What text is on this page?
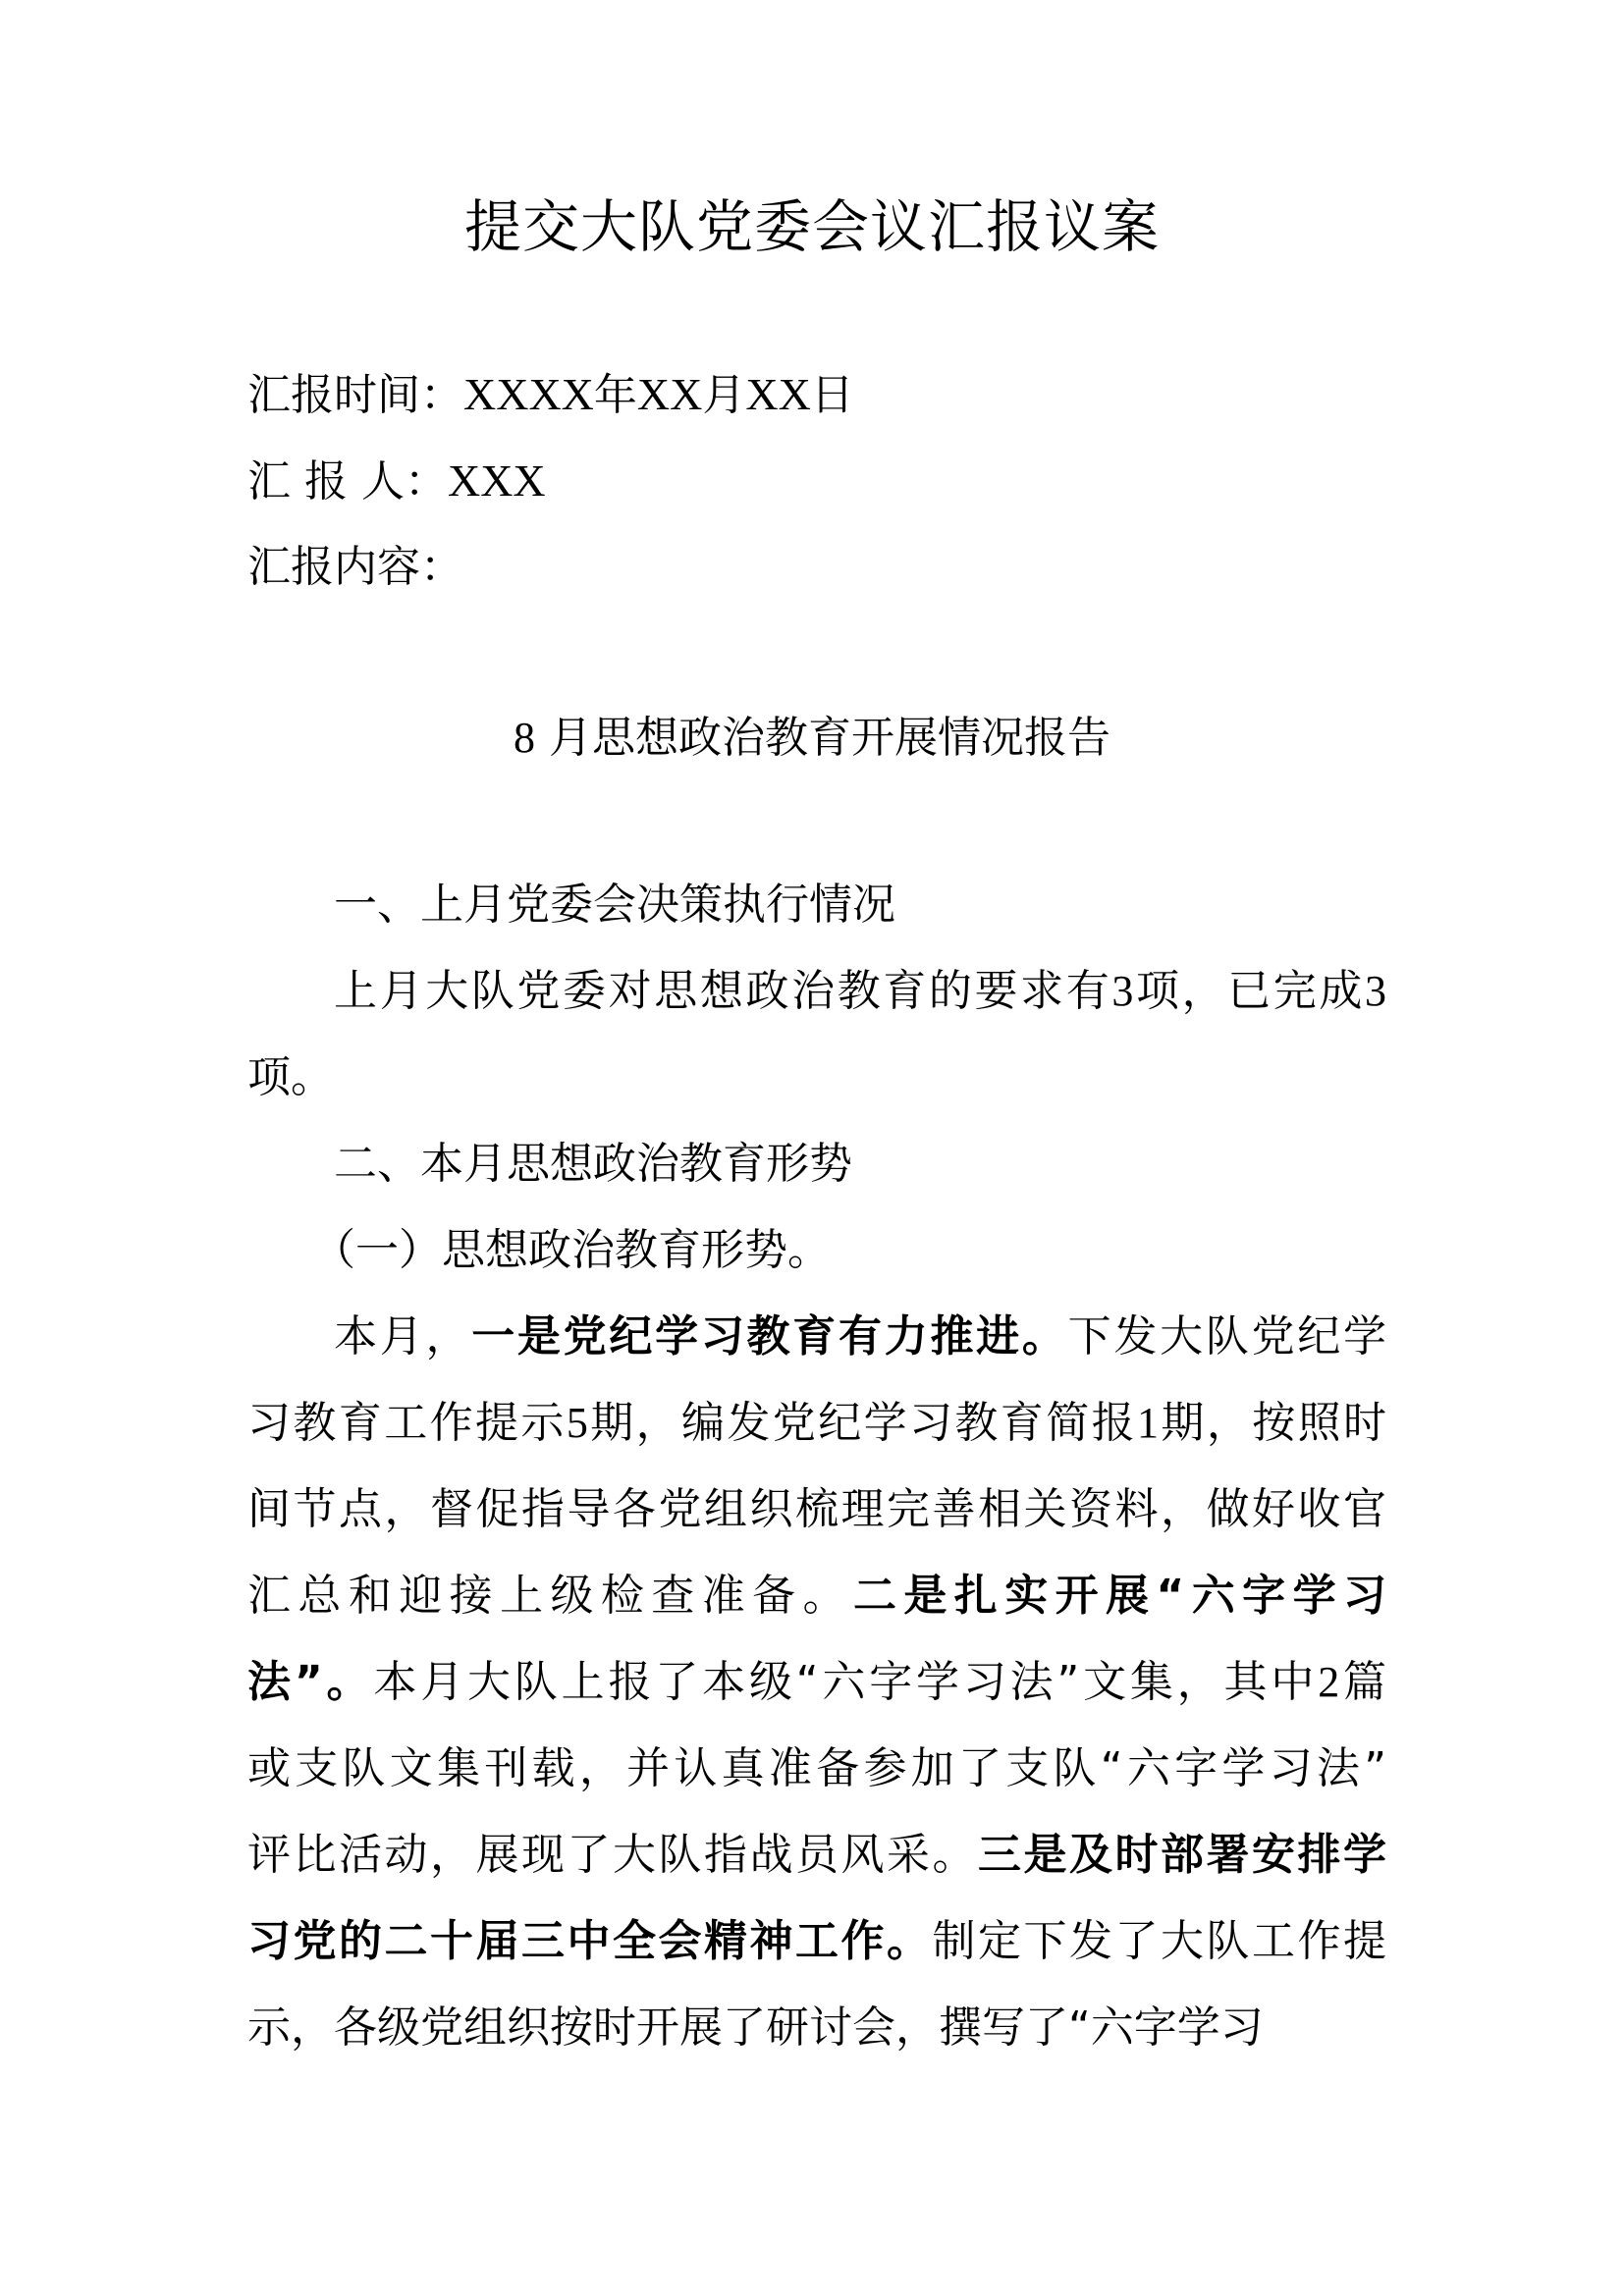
提交大队党委会议汇报议案
汇报时间：XXXX年XX月XX日
汇 报 人：XXX
汇报内容：
8 月思想政治教育开展情况报告
一、上月党委会决策执行情况
上月大队党委对思想政治教育的要求有3项，已完成3
项。
二、本月思想政治教育形势
（一）思想政治教育形势。
本月，一是党纪学习教育有力推进。下发大队党纪学
习教育工作提示5期，编发党纪学习教育简报1期，按照时
间节点，督促指导各党组织梳理完善相关资料，做好收官
汇总和迎接上级检查准备。二是扎实开展“六字学习
法”。本月大队上报了本级“六字学习法”文集，其中2篇
或支队文集刊载，并认真准备参加了支队“六字学习法”
评比活动，展现了大队指战员风采。三是及时部署安排学
习党的二十届三中全会精神工作。制定下发了大队工作提
示，各级党组织按时开展了研讨会，撰写了“六字学习
